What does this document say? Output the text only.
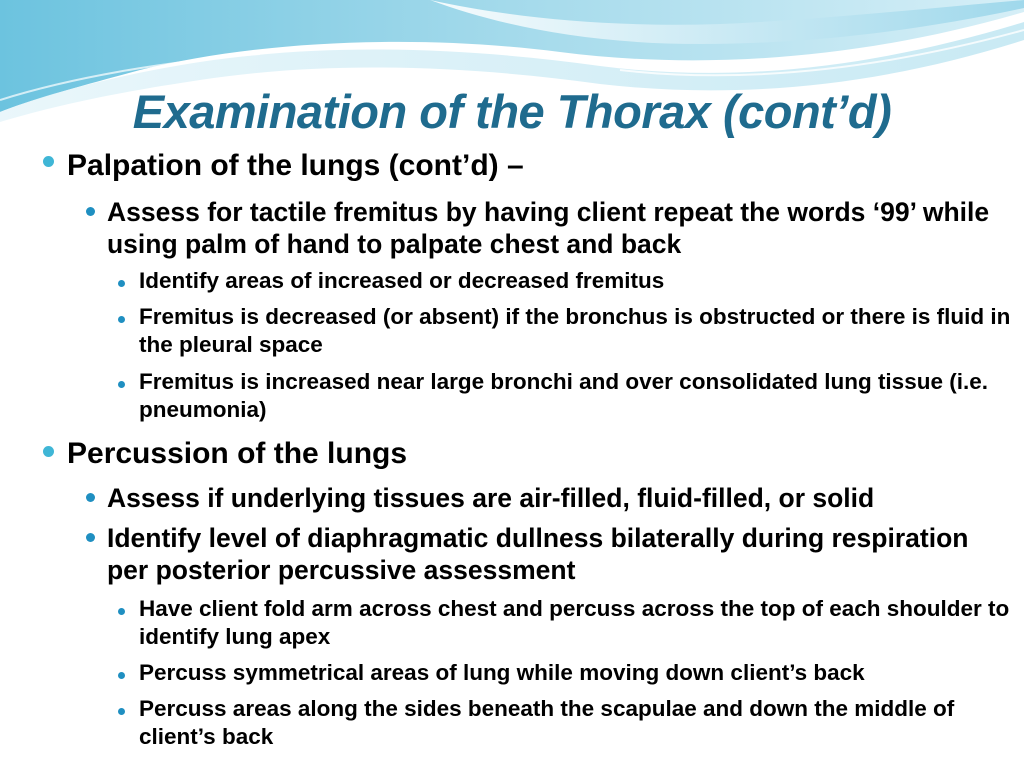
Examination of the Thorax (cont’d)

Palpation of the lungs (cont’d) –

Assess for tactile fremitus by having client repeat the words ‘99’ while using palm of hand to palpate chest and back

Identify areas of increased or decreased fremitus

Fremitus is decreased (or absent) if the bronchus is obstructed or there is fluid in the pleural space

Fremitus is increased near large bronchi and over consolidated lung tissue (i.e. pneumonia)

Percussion of the lungs

Assess if underlying tissues are air-filled, fluid-filled, or solid

Identify level of diaphragmatic dullness bilaterally during respiration per posterior percussive assessment

Have client fold arm across chest and percuss across the top of each shoulder to identify lung apex

Percuss symmetrical areas of lung while moving down client’s back

Percuss areas along the sides beneath the scapulae and down the middle of client’s back
